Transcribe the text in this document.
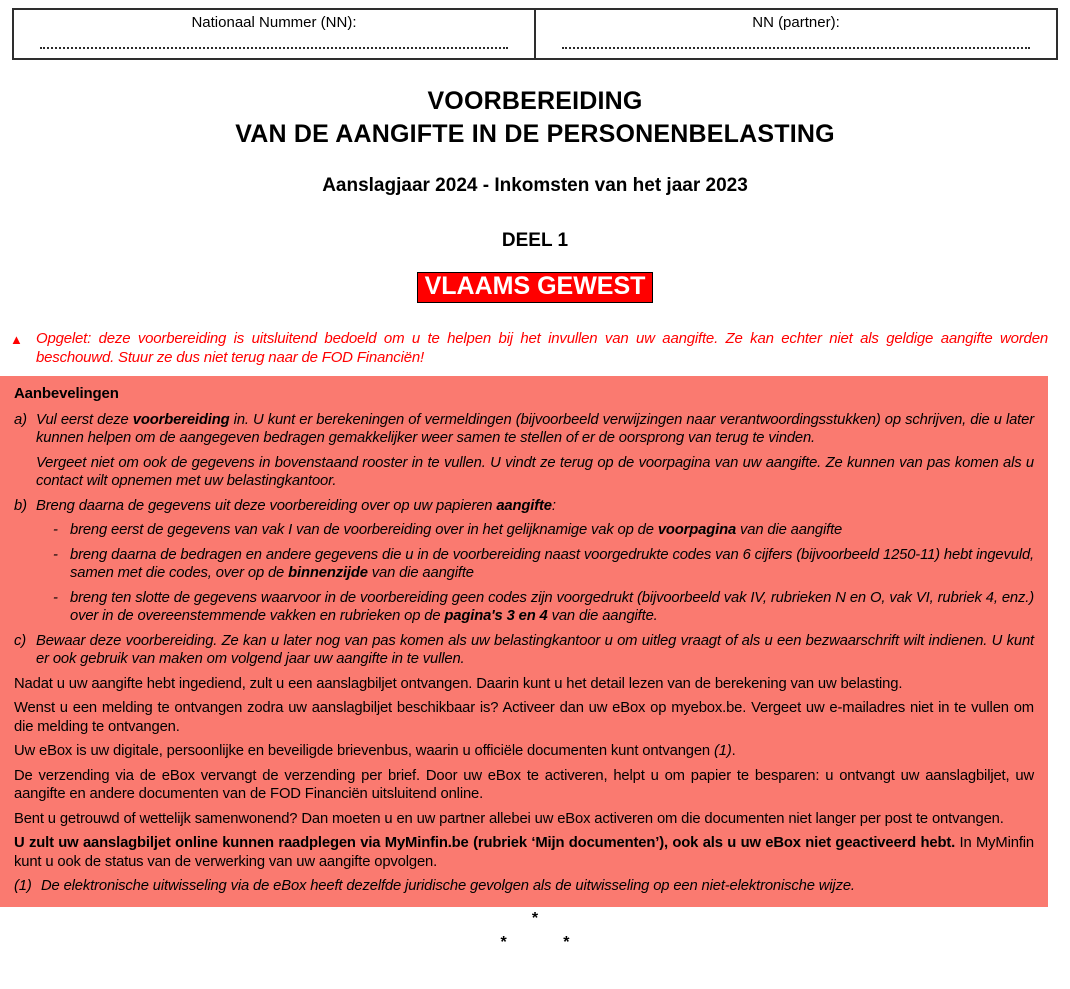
Nationaal Nummer (NN):	NN (partner):
VOORBEREIDING
VAN DE AANGIFTE IN DE PERSONENBELASTING
Aanslagjaar 2024 - Inkomsten van het jaar 2023
DEEL 1
VLAAMS GEWEST
▲ Opgelet: deze voorbereiding is uitsluitend bedoeld om u te helpen bij het invullen van uw aangifte. Ze kan echter niet als geldige aangifte worden beschouwd. Stuur ze dus niet terug naar de FOD Financiën!
Aanbevelingen
a) Vul eerst deze voorbereiding in. U kunt er berekeningen of vermeldingen (bijvoorbeeld verwijzingen naar verantwoordingsstukken) op schrijven, die u later kunnen helpen om de aangegeven bedragen gemakkelijker weer samen te stellen of er de oorsprong van terug te vinden.
Vergeet niet om ook de gegevens in bovenstaand rooster in te vullen. U vindt ze terug op de voorpagina van uw aangifte. Ze kunnen van pas komen als u contact wilt opnemen met uw belastingkantoor.
b) Breng daarna de gegevens uit deze voorbereiding over op uw papieren aangifte:
- breng eerst de gegevens van vak I van de voorbereiding over in het gelijknamige vak op de voorpagina van die aangifte
- breng daarna de bedragen en andere gegevens die u in de voorbereiding naast voorgedrukte codes van 6 cijfers (bijvoorbeeld 1250-11) hebt ingevuld, samen met die codes, over op de binnenzijde van die aangifte
- breng ten slotte de gegevens waarvoor in de voorbereiding geen codes zijn voorgedrukt (bijvoorbeeld vak IV, rubrieken N en O, vak VI, rubriek 4, enz.) over in de overeenstemmende vakken en rubrieken op de pagina's 3 en 4 van die aangifte.
c) Bewaar deze voorbereiding. Ze kan u later nog van pas komen als uw belastingkantoor u om uitleg vraagt of als u een bezwaarschrift wilt indienen. U kunt er ook gebruik van maken om volgend jaar uw aangifte in te vullen.
Nadat u uw aangifte hebt ingediend, zult u een aanslagbiljet ontvangen. Daarin kunt u het detail lezen van de berekening van uw belasting.
Wenst u een melding te ontvangen zodra uw aanslagbiljet beschikbaar is? Activeer dan uw eBox op myebox.be. Vergeet uw e-mailadres niet in te vullen om die melding te ontvangen.
Uw eBox is uw digitale, persoonlijke en beveiligde brievenbus, waarin u officiële documenten kunt ontvangen (1).
De verzending via de eBox vervangt de verzending per brief. Door uw eBox te activeren, helpt u om papier te besparen: u ontvangt uw aanslagbiljet, uw aangifte en andere documenten van de FOD Financiën uitsluitend online.
Bent u getrouwd of wettelijk samenwonend? Dan moeten u en uw partner allebei uw eBox activeren om die documenten niet langer per post te ontvangen.
U zult uw aanslagbiljet online kunnen raadplegen via MyMinfin.be (rubriek ‘Mijn documenten’), ook als u uw eBox niet geactiveerd hebt. In MyMinfin kunt u ook de status van de verwerking van uw aangifte opvolgen.
(1) De elektronische uitwisseling via de eBox heeft dezelfde juridische gevolgen als de uitwisseling op een niet-elektronische wijze.
*
*	*
